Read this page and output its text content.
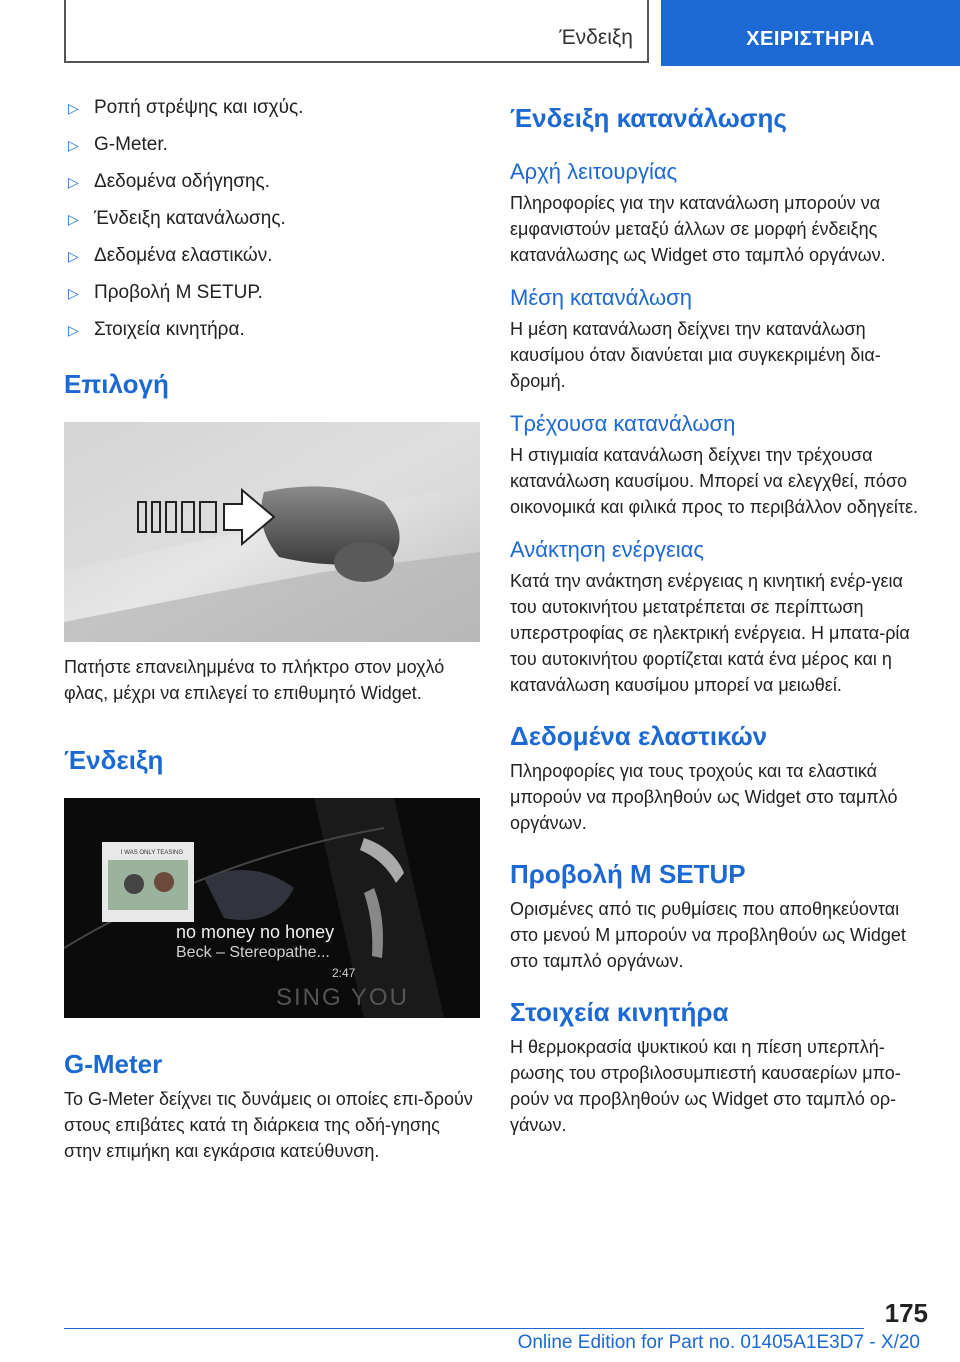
Ένδειξη	ΧΕΙΡΙΣΤΗΡΙΑ
▷ Ροπή στρέψης και ισχύς.
▷ G-Meter.
▷ Δεδομένα οδήγησης.
▷ Ένδειξη κατανάλωσης.
▷ Δεδομένα ελαστικών.
▷ Προβολή M SETUP.
▷ Στοιχεία κινητήρα.
Επιλογή

Πατήστε επανειλημμένα το πλήκτρο στον μοχλό φλας, μέχρι να επιλεγεί το επιθυμητό Widget.

Ένδειξη
I WAS ONLY TEASING
no money no honey
Beck – Stereopathe...
2:47
SING YOU
G-Meter

Το G-Meter δείχνει τις δυνάμεις οι οποίες επι-δρούν στους επιβάτες κατά τη διάρκεια της οδή-γησης στην επιμήκη και εγκάρσια κατεύθυνση.

Ένδειξη κατανάλωσης
Αρχή λειτουργίας

Πληροφορίες για την κατανάλωση μπορούν να εμφανιστούν μεταξύ άλλων σε μορφή ένδειξης κατανάλωσης ως Widget στο ταμπλό οργάνων.

Μέση κατανάλωση

Η μέση κατανάλωση δείχνει την κατανάλωση καυσίμου όταν διανύεται μια συγκεκριμένη δια-δρομή.

Τρέχουσα κατανάλωση

Η στιγμιαία κατανάλωση δείχνει την τρέχουσα κατανάλωση καυσίμου. Μπορεί να ελεγχθεί, πόσο οικονομικά και φιλικά προς το περιβάλλον οδηγείτε.

Ανάκτηση ενέργειας

Κατά την ανάκτηση ενέργειας η κινητική ενέρ-γεια του αυτοκινήτου μετατρέπεται σε περίπτωση υπερστροφίας σε ηλεκτρική ενέργεια. Η μπατα-ρία του αυτοκινήτου φορτίζεται κατά ένα μέρος και η κατανάλωση καυσίμου μπορεί να μειωθεί.

Δεδομένα ελαστικών

Πληροφορίες για τους τροχούς και τα ελαστικά μπορούν να προβληθούν ως Widget στο ταμπλό οργάνων.

Προβολή M SETUP

Ορισμένες από τις ρυθμίσεις που αποθηκεύονται στο μενού M μπορούν να προβληθούν ως Widget στο ταμπλό οργάνων.

Στοιχεία κινητήρα

Η θερμοκρασία ψυκτικού και η πίεση υπερπλή-ρωσης του στροβιλοσυμπιεστή καυσαερίων μπο-ρούν να προβληθούν ως Widget στο ταμπλό ορ-γάνων.

175
Online Edition for Part no. 01405A1E3D7 - X/20
